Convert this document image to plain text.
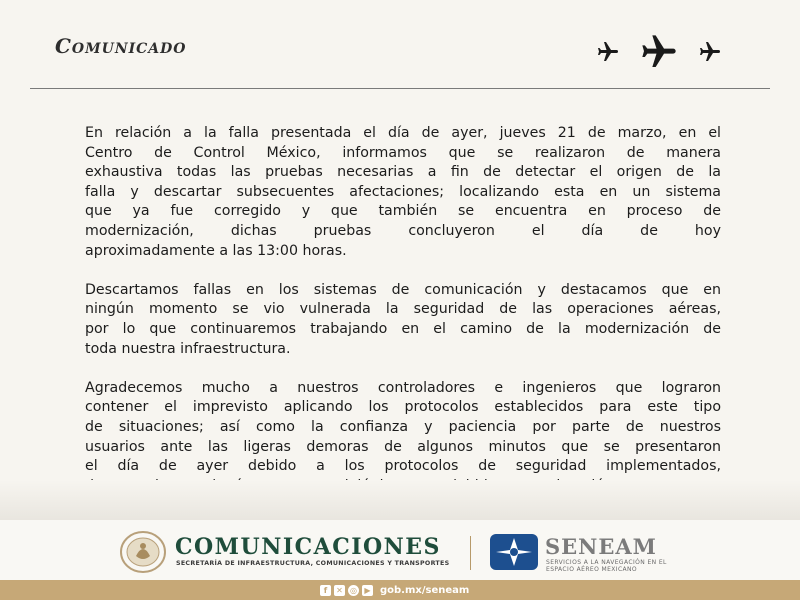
Comunicado

En relación a la falla presentada el día de ayer, jueves 21 de marzo, en el
Centro de Control México, informamos que se realizaron de manera
exhaustiva todas las pruebas necesarias a fin de detectar el origen de la
falla y descartar subsecuentes afectaciones; localizando esta en un sistema
que ya fue corregido y que también se encuentra en proceso de
modernización, dichas pruebas concluyeron el día de hoy
aproximadamente a las 13:00 horas.

Descartamos fallas en los sistemas de comunicación y destacamos que en
ningún momento se vio vulnerada la seguridad de las operaciones aéreas,
por lo que continuaremos trabajando en el camino de la modernización de
toda nuestra infraestructura.

Agradecemos mucho a nuestros controladores e ingenieros que lograron
contener el imprevisto aplicando los protocolos establecidos para este tipo
de situaciones; así como la confianza y paciencia por parte de nuestros
usuarios ante las ligeras demoras de algunos minutos que se presentaron
el día de ayer debido a los protocolos de seguridad implementados,

COMUNICACIONES
SECRETARÍA DE INFRAESTRUCTURA, COMUNICACIONES Y TRANSPORTES
SENEAM
SERVICIOS A LA NAVEGACIÓN EN EL
ESPACIO AÉREO MEXICANO
f	✕ ◎ ▶ gob.mx/seneam
